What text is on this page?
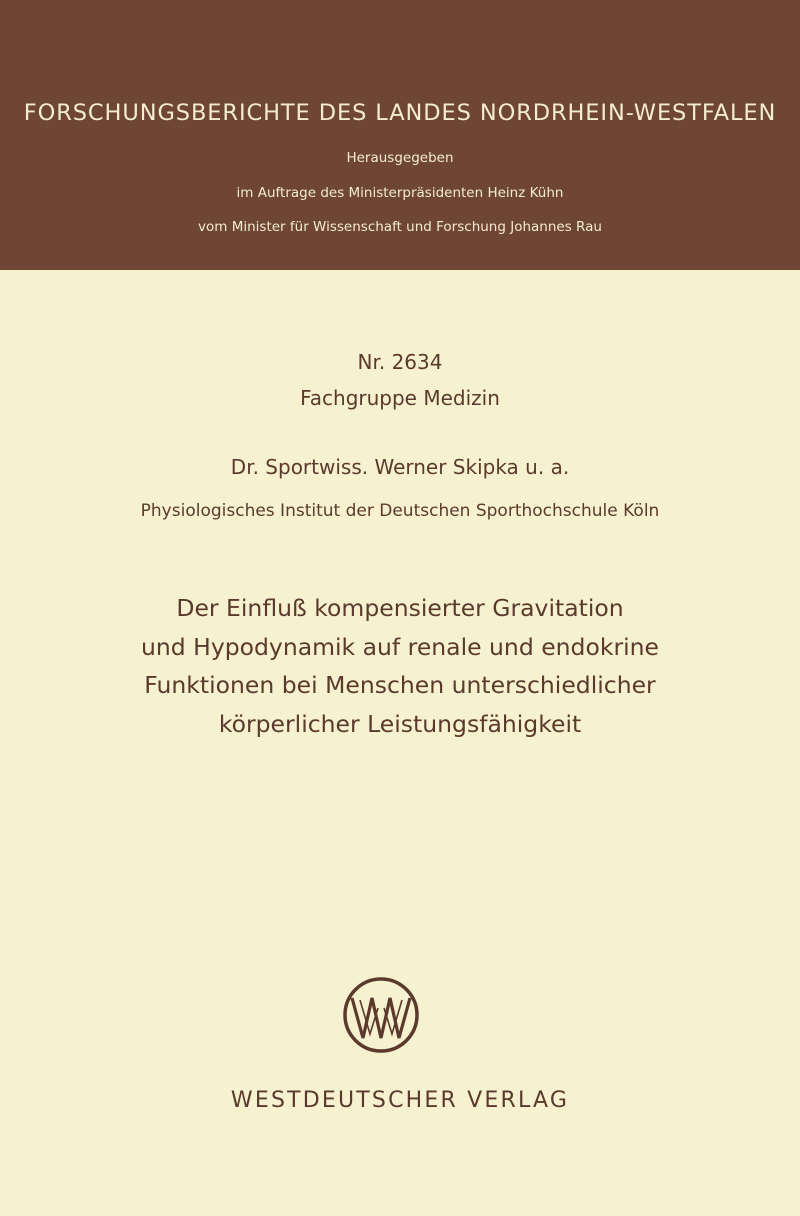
FORSCHUNGSBERICHTE DES LANDES NORDRHEIN-WESTFALEN
Herausgegeben
im Auftrage des Ministerpräsidenten Heinz Kühn
vom Minister für Wissenschaft und Forschung Johannes Rau
Nr. 2634
Fachgruppe Medizin
Dr. Sportwiss. Werner Skipka u. a.
Physiologisches Institut der Deutschen Sporthochschule Köln
Der Einfluß kompensierter Gravitation
und Hypodynamik auf renale und endokrine
Funktionen bei Menschen unterschiedlicher
körperlicher Leistungsfähigkeit
WESTDEUTSCHER VERLAG
